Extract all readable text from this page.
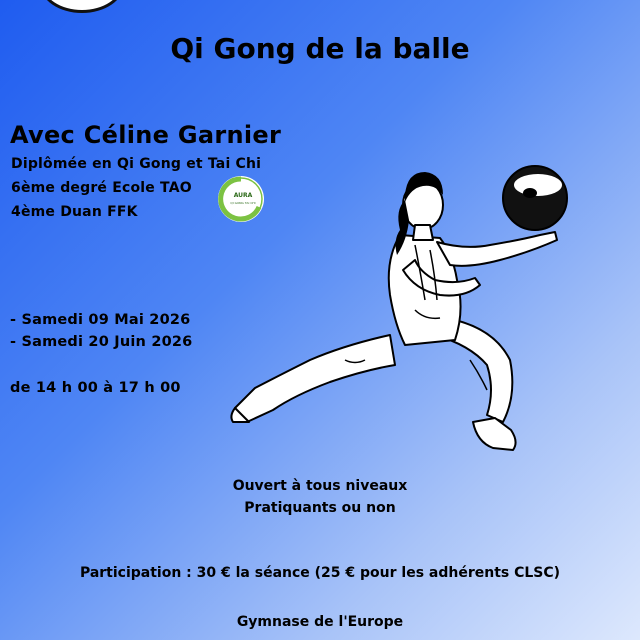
Qi Gong de la balle
Avec Céline Garnier
Diplômée en Qi Gong et Tai Chi
6ème degré Ecole TAO
4ème Duan FFK
AURA
QI GONG TAI CHI
- Samedi 09 Mai 2026
- Samedi 20 Juin 2026
de 14 h 00 à 17 h 00
Ouvert à tous niveaux
Pratiquants ou non
Participation : 30 € la séance (25 € pour les adhérents CLSC)
Gymnase de l'Europe
